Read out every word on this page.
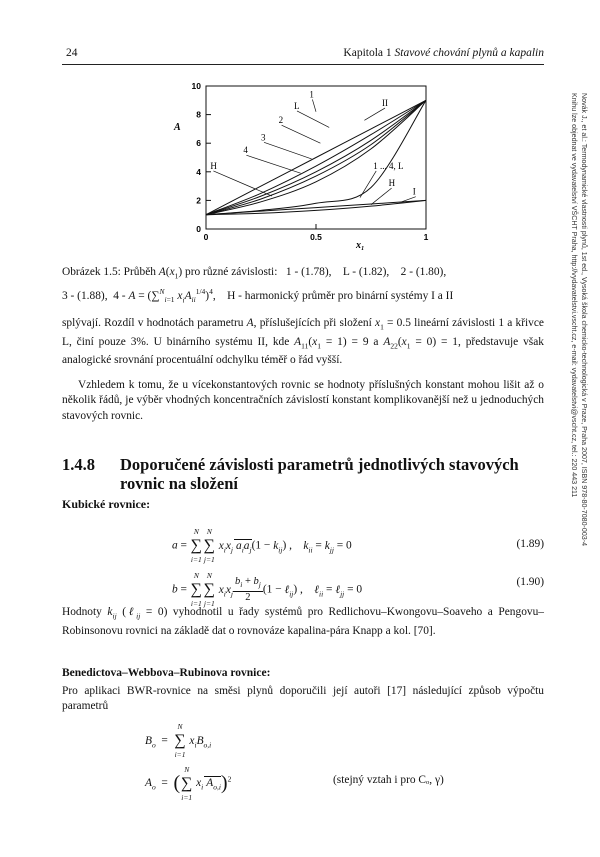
24	Kapitola 1 Stavové chování plynů a kapalin
Novák J., et al.: Termodynamické vlastnosti plynů, 1st ed., Vysoká škola chemicko-technologická v Praze, Praha 2007, ISBN 978-80-7080-003-4
Knihu lze objednat ve vydavatelství VŠCHT Praha, http://vydavatelstvi.vscht.cz, e-mail: vydavatelstvi@vscht.cz, tel.: 220 443 211
0
2
4
6
8
10
0	0.5	1
1
L
2
3
4
H
II
1 ... 4, L
H
I
A
x₁
Obrázek 1.5: Průběh $A(x_1)$ pro různé závislosti:   1 - (1.78),    L - (1.82),    2 - (1.80),
3 - (1.88),  4 - A = (∑$^N_{i=1}$ $x_iA_{ii}^{1/4})^4$,    H - harmonický průměr pro binární systémy I a II
splývají. Rozdíl v hodnotách parametru A, příslušejících při složení $x_1 = 0.5$ lineární závislosti 1 a křivce L, činí pouze 3%. U binárního systému II, kde $A_{11}(x_1 = 1) = 9$ a $A_{22}(x_1 = 0) = 1$, představuje však analogické srovnání procentuální odchylku téměř o řád vyšší.
Vzhledem k tomu, že u vícekonstantových rovnic se hodnoty příslušných konstant mohou lišit až o několik řádů, je výběr vhodných koncentračních závislostí konstant komplikovanější než u jednoduchých stavových rovnic.
1.4.8 Doporučené závislosti parametrů jednotlivých stavových rovnic na složení
Kubické rovnice:
a =
N
∑
i=1
N
∑
j=1
$x_ix_j$ $a_ia_j(1 - k_{ij})$ ,    $k_{ii} = k_{jj} = 0$	(1.89)
b =
N
∑
i=1
N
∑
j=1
$x_ix_j \frac{b_i + b_j}{2} (1$ − ℓ$_{ij}$) ,    ℓ$_{ii}$ = ℓ$_{jj}$ = 0
(1.90)
Hodnoty $k_{ij}$ (ℓ$_{ij}$ = 0) vyhodnotil u řady systémů pro Redlichovu–Kwongovu–Soaveho a Pengovu–Robinsonovu rovnici na základě dat o rovnováze kapalina-pára Knapp a kol. [70].
Benedictova–Webbova–Rubinova rovnice:
Pro aplikaci BWR-rovnice na směsi plynů doporučili její autoři [17] následující způsob výpočtu parametrů
$B_o$  =
N
∑
i=1
$x_iB_{o,i}$
$A_o$  =  (
N
∑
i=1
$x_i$ $A_{o,i})^2$	(stejný vztah i pro Cₒ, γ)
